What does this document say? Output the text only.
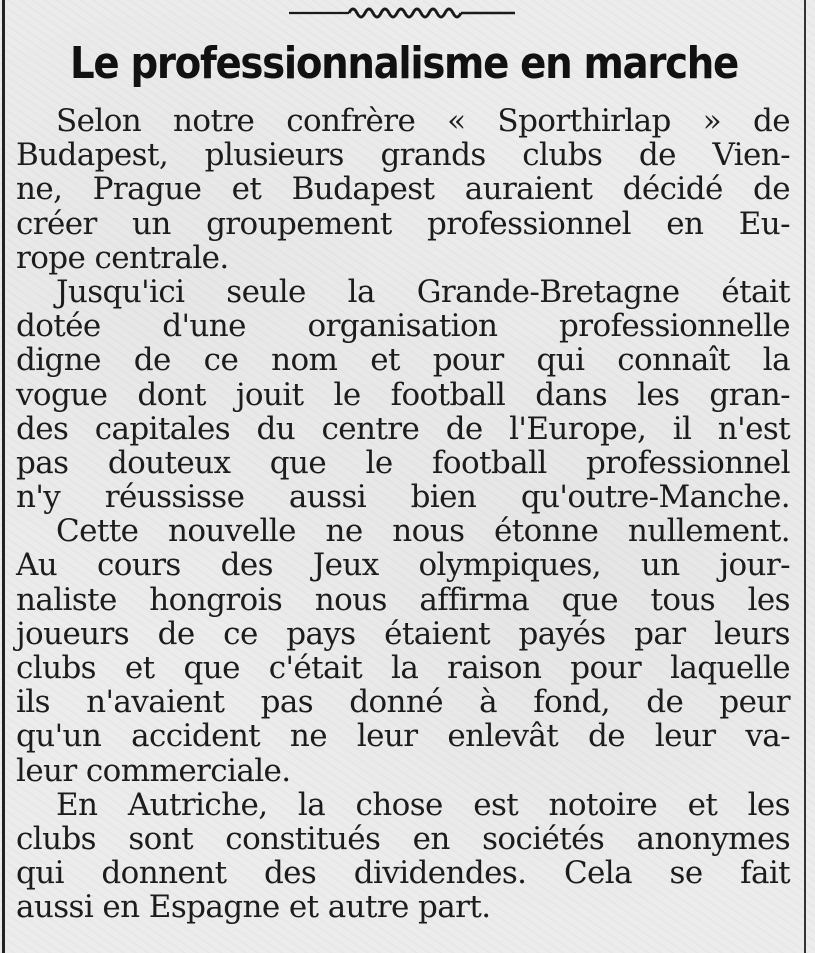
Le professionnalisme en marche
Selon notre confrère « Sporthirlap » de
Budapest, plusieurs grands clubs de Vien-
ne, Prague et Budapest auraient décidé de
créer un groupement professionnel en Eu-
rope centrale.
Jusqu'ici seule la Grande-Bretagne était
dotée d'une organisation professionnelle
digne de ce nom et pour qui connaît la
vogue dont jouit le football dans les gran-
des capitales du centre de l'Europe, il n'est
pas douteux que le football professionnel
n'y réussisse aussi bien qu'outre-Manche.
Cette nouvelle ne nous étonne nullement.
Au cours des Jeux olympiques, un jour-
naliste hongrois nous affirma que tous les
joueurs de ce pays étaient payés par leurs
clubs et que c'était la raison pour laquelle
ils n'avaient pas donné à fond, de peur
qu'un accident ne leur enlevât de leur va-
leur commerciale.
En Autriche, la chose est notoire et les
clubs sont constitués en sociétés anonymes
qui donnent des dividendes. Cela se fait
aussi en Espagne et autre part.
